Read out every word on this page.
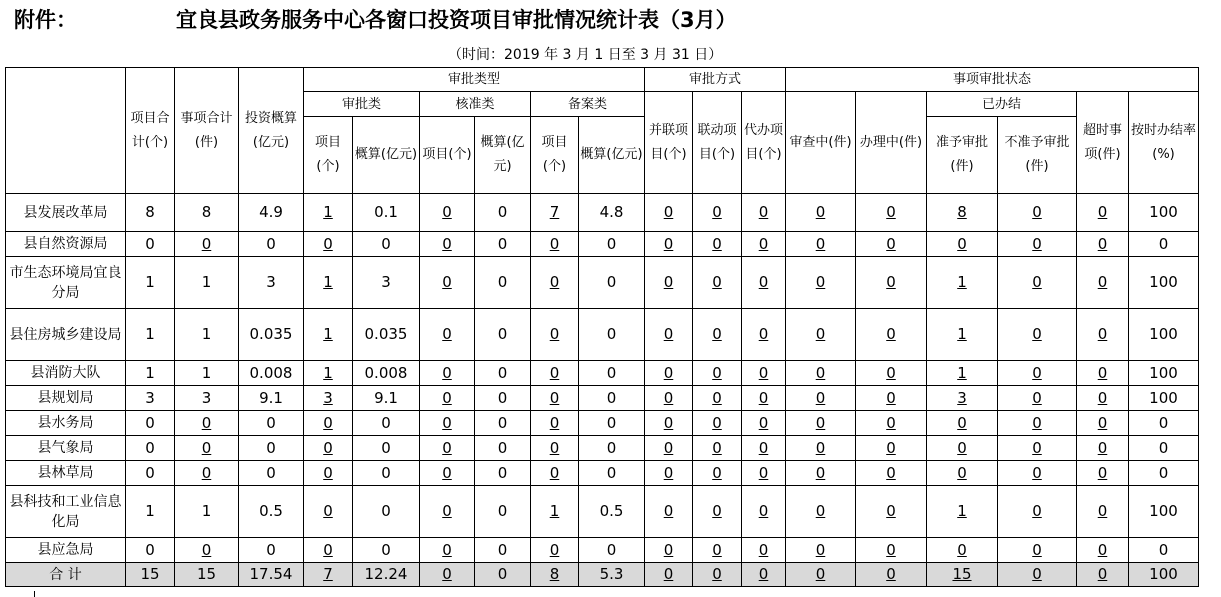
附件：	宜良县政务服务中心各窗口投资项目审批情况统计表（3月）
（时间：2019 年 3 月 1 日至 3 月 31 日）
	项目合计(个)	事项合计(件)	投资概算(亿元)	审批类型						审批方式			事项审批状态					
				审批类		核准类		备案类		并联项目(个)	联动项目(个)	代办项目(个)	审查中(件)	办理中(件)	已办结		超时事项(件)	按时办结率(%)
				项目(个)	概算(亿元)	项目(个)	概算(亿元)	项目(个)	概算(亿元)						准予审批(件)	不准予审批(件)		
县发展改革局	8	8	4.9	1	0.1	0	0	7	4.8	0	0	0	0	0	8	0	0	100
县自然资源局	0	0	0	0	0	0	0	0	0	0	0	0	0	0	0	0	0	0
市生态环境局宜良分局	1	1	3	1	3	0	0	0	0	0	0	0	0	0	1	0	0	100
县住房城乡建设局	1	1	0.035	1	0.035	0	0	0	0	0	0	0	0	0	1	0	0	100
县消防大队	1	1	0.008	1	0.008	0	0	0	0	0	0	0	0	0	1	0	0	100
县规划局	3	3	9.1	3	9.1	0	0	0	0	0	0	0	0	0	3	0	0	100
县水务局	0	0	0	0	0	0	0	0	0	0	0	0	0	0	0	0	0	0
县气象局	0	0	0	0	0	0	0	0	0	0	0	0	0	0	0	0	0	0
县林草局	0	0	0	0	0	0	0	0	0	0	0	0	0	0	0	0	0	0
县科技和工业信息化局	1	1	0.5	0	0	0	0	1	0.5	0	0	0	0	0	1	0	0	100
县应急局	0	0	0	0	0	0	0	0	0	0	0	0	0	0	0	0	0	0
合 计	15	15	17.54	7	12.24	0	0	8	5.3	0	0	0	0	0	15	0	0	100
